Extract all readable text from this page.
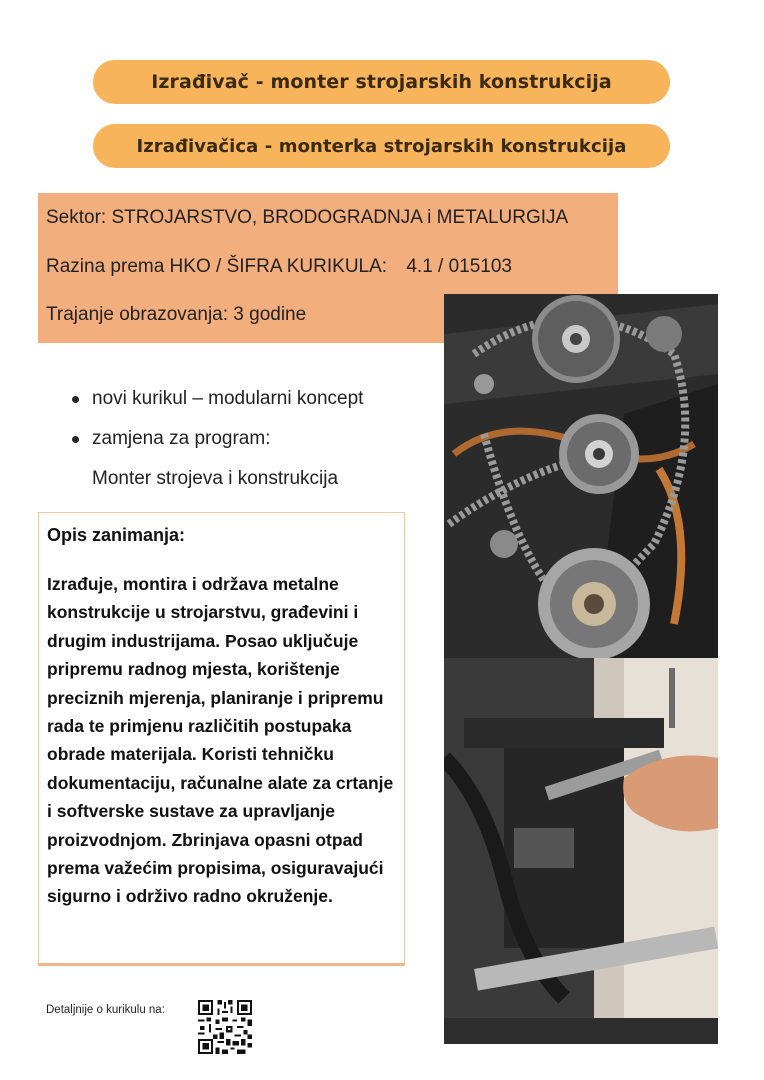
Izrađivač - monter strojarskih konstrukcija
Izrađivačica - monterka strojarskih konstrukcija
Sektor: STROJARSTVO, BRODOGRADNJA i METALURGIJA
Razina prema HKO / ŠIFRA KURIKULA: 4.1 / 015103
Trajanje obrazovanja: 3 godine
novi kurikul – modularni koncept
zamjena za program:
Monter strojeva i konstrukcija
Opis zanimanja:
Izrađuje, montira i održava metalne konstrukcije u strojarstvu, građevini i drugim industrijama. Posao uključuje pripremu radnog mjesta, korištenje preciznih mjerenja, planiranje i pripremu rada te primjenu različitih postupaka obrade materijala. Koristi tehničku dokumentaciju, računalne alate za crtanje i softverske sustave za upravljanje proizvodnjom. Zbrinjava opasni otpad prema važećim propisima, osiguravajući sigurno i održivo radno okruženje.
Detaljnije o kurikulu na:
